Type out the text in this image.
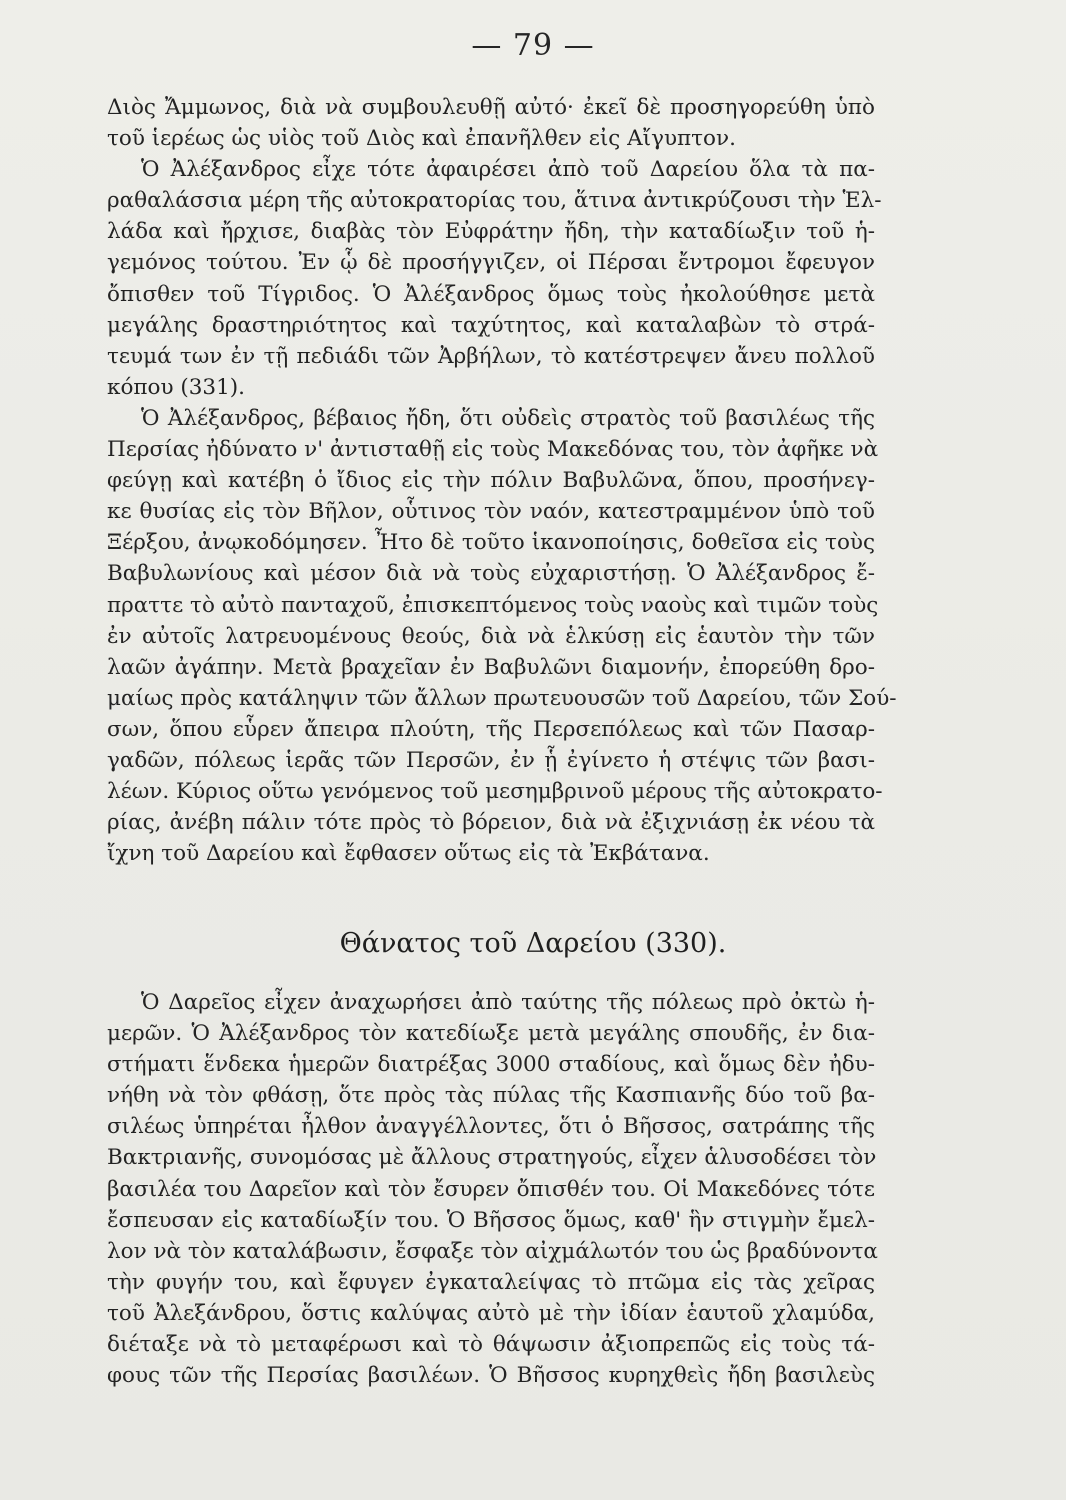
— 79 —
Διὸς Ἄμμωνος, διὰ νὰ συμβουλευθῇ αὐτό· ἐκεῖ δὲ προσηγορεύθη ὑπὸ
τοῦ ἱερέως ὡς υἱὸς τοῦ Διὸς καὶ ἐπανῆλθεν εἰς Αἴγυπτον.
Ὁ Ἀλέξανδρος εἶχε τότε ἀφαιρέσει ἀπὸ τοῦ Δαρείου ὅλα τὰ πα-
ραθαλάσσια μέρη τῆς αὐτοκρατορίας του, ἅτινα ἀντικρύζουσι τὴν Ἑλ-
λάδα καὶ ἤρχισε, διαβὰς τὸν Εὐφράτην ἤδη, τὴν καταδίωξιν τοῦ ἡ-
γεμόνος τούτου. Ἐν ᾧ δὲ προσήγγιζεν, οἱ Πέρσαι ἔντρομοι ἔφευγον
ὄπισθεν τοῦ Τίγριδος. Ὁ Ἀλέξανδρος ὅμως τοὺς ἠκολούθησε μετὰ
μεγάλης δραστηριότητος καὶ ταχύτητος, καὶ καταλαβὼν τὸ στρά-
τευμά των ἐν τῇ πεδιάδι τῶν Ἀρβήλων, τὸ κατέστρεψεν ἄνευ πολλοῦ
κόπου (331).
Ὁ Ἀλέξανδρος, βέβαιος ἤδη, ὅτι οὐδεὶς στρατὸς τοῦ βασιλέως τῆς
Περσίας ἠδύνατο ν' ἀντισταθῇ εἰς τοὺς Μακεδόνας του, τὸν ἀφῆκε νὰ
φεύγῃ καὶ κατέβη ὁ ἴδιος εἰς τὴν πόλιν Βαβυλῶνα, ὅπου, προσήνεγ-
κε θυσίας εἰς τὸν Βῆλον, οὗτινος τὸν ναόν, κατεστραμμένον ὑπὸ τοῦ
Ξέρξου, ἀνῳκοδόμησεν. Ἦτο δὲ τοῦτο ἱκανοποίησις, δοθεῖσα εἰς τοὺς
Βαβυλωνίους καὶ μέσον διὰ νὰ τοὺς εὐχαριστήσῃ. Ὁ Ἀλέξανδρος ἔ-
πραττε τὸ αὐτὸ πανταχοῦ, ἐπισκεπτόμενος τοὺς ναοὺς καὶ τιμῶν τοὺς
ἐν αὐτοῖς λατρευομένους θεούς, διὰ νὰ ἑλκύσῃ εἰς ἑαυτὸν τὴν τῶν
λαῶν ἀγάπην. Μετὰ βραχεῖαν ἐν Βαβυλῶνι διαμονήν, ἐπορεύθη δρο-
μαίως πρὸς κατάληψιν τῶν ἄλλων πρωτευουσῶν τοῦ Δαρείου, τῶν Σού-
σων, ὅπου εὗρεν ἄπειρα πλούτη, τῆς Περσεπόλεως καὶ τῶν Πασαρ-
γαδῶν, πόλεως ἱερᾶς τῶν Περσῶν, ἐν ᾗ ἐγίνετο ἡ στέψις τῶν βασι-
λέων. Κύριος οὕτω γενόμενος τοῦ μεσημβρινοῦ μέρους τῆς αὐτοκρατο-
ρίας, ἀνέβη πάλιν τότε πρὸς τὸ βόρειον, διὰ νὰ ἐξιχνιάσῃ ἐκ νέου τὰ
ἴχνη τοῦ Δαρείου καὶ ἔφθασεν οὕτως εἰς τὰ Ἐκβάτανα.
Θάνατος τοῦ Δαρείου (330).
Ὁ Δαρεῖος εἶχεν ἀναχωρήσει ἀπὸ ταύτης τῆς πόλεως πρὸ ὀκτὼ ἡ-
μερῶν. Ὁ Ἀλέξανδρος τὸν κατεδίωξε μετὰ μεγάλης σπουδῆς, ἐν δια-
στήματι ἕνδεκα ἡμερῶν διατρέξας 3000 σταδίους, καὶ ὅμως δὲν ἠδυ-
νήθη νὰ τὸν φθάσῃ, ὅτε πρὸς τὰς πύλας τῆς Κασπιανῆς δύο τοῦ βα-
σιλέως ὑπηρέται ἦλθον ἀναγγέλλοντες, ὅτι ὁ Βῆσσος, σατράπης τῆς
Βακτριανῆς, συνομόσας μὲ ἄλλους στρατηγούς, εἶχεν ἁλυσοδέσει τὸν
βασιλέα του Δαρεῖον καὶ τὸν ἔσυρεν ὄπισθέν του. Οἱ Μακεδόνες τότε
ἔσπευσαν εἰς καταδίωξίν του. Ὁ Βῆσσος ὅμως, καθ' ἣν στιγμὴν ἔμελ-
λον νὰ τὸν καταλάβωσιν, ἔσφαξε τὸν αἰχμάλωτόν του ὡς βραδύνοντα
τὴν φυγήν του, καὶ ἔφυγεν ἐγκαταλείψας τὸ πτῶμα εἰς τὰς χεῖρας
τοῦ Ἀλεξάνδρου, ὅστις καλύψας αὐτὸ μὲ τὴν ἰδίαν ἑαυτοῦ χλαμύδα,
διέταξε νὰ τὸ μεταφέρωσι καὶ τὸ θάψωσιν ἀξιοπρεπῶς εἰς τοὺς τά-
φους τῶν τῆς Περσίας βασιλέων. Ὁ Βῆσσος κυρηχθεὶς ἤδη βασιλεὺς
